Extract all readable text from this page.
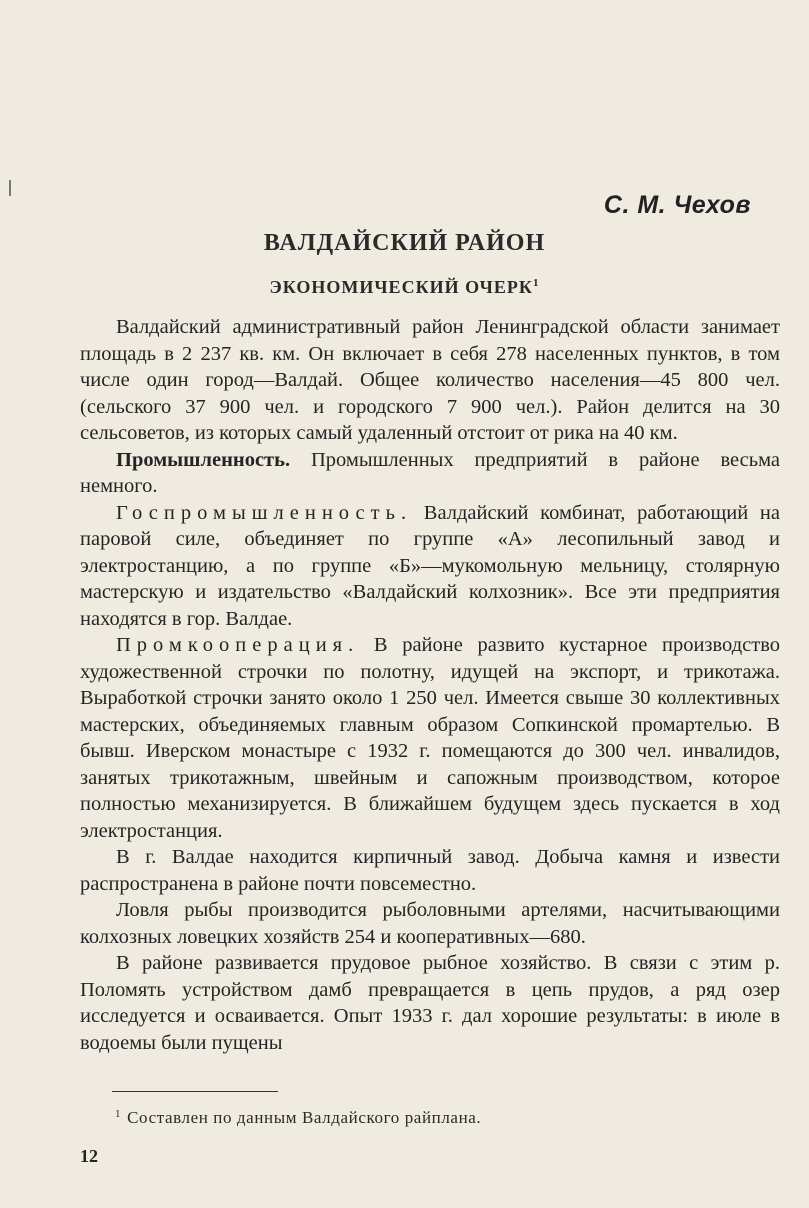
С. М. Чехов
ВАЛДАЙСКИЙ РАЙОН
ЭКОНОМИЧЕСКИЙ ОЧЕРК$^1$

Валдайский административный район Ленинградской области занимает площадь в 2 237 кв. км. Он включает в себя 278 населенных пунктов, в том числе один город—Валдай. Общее количество населения—45 800 чел. (сельского 37 900 чел. и городского 7 900 чел.). Район делится на 30 сельсоветов, из которых самый удаленный отстоит от рика на 40 км.

Промышленность. Промышленных предприятий в районе весьма немного.

Госпромышленность. Валдайский комбинат, работающий на паровой силе, объединяет по группе «А» лесопильный завод и электростанцию, а по группе «Б»—мукомольную мельницу, столярную мастерскую и издательство «Валдайский колхозник». Все эти предприятия находятся в гор. Валдае.

Промкооперация. В районе развито кустарное производство художественной строчки по полотну, идущей на экспорт, и трикотажа. Выработкой строчки занято около 1 250 чел. Имеется свыше 30 коллективных мастерских, объединяемых главным образом Сопкинской промартелью. В бывш. Иверском монастыре с 1932 г. помещаются до 300 чел. инвалидов, занятых трикотажным, швейным и сапожным производством, которое полностью механизируется. В ближайшем будущем здесь пускается в ход электростанция.

В г. Валдае находится кирпичный завод. Добыча камня и извести распространена в районе почти повсеместно.

Ловля рыбы производится рыболовными артелями, насчитывающими колхозных ловецких хозяйств 254 и кооперативных—680.

В районе развивается прудовое рыбное хозяйство. В связи с этим р. Поломять устройством дамб превращается в цепь прудов, а ряд озер исследуется и осваивается. Опыт 1933 г. дал хорошие результаты: в июле в водоемы были пущены

$^1$ Составлен по данным Валдайского райплана.
12
